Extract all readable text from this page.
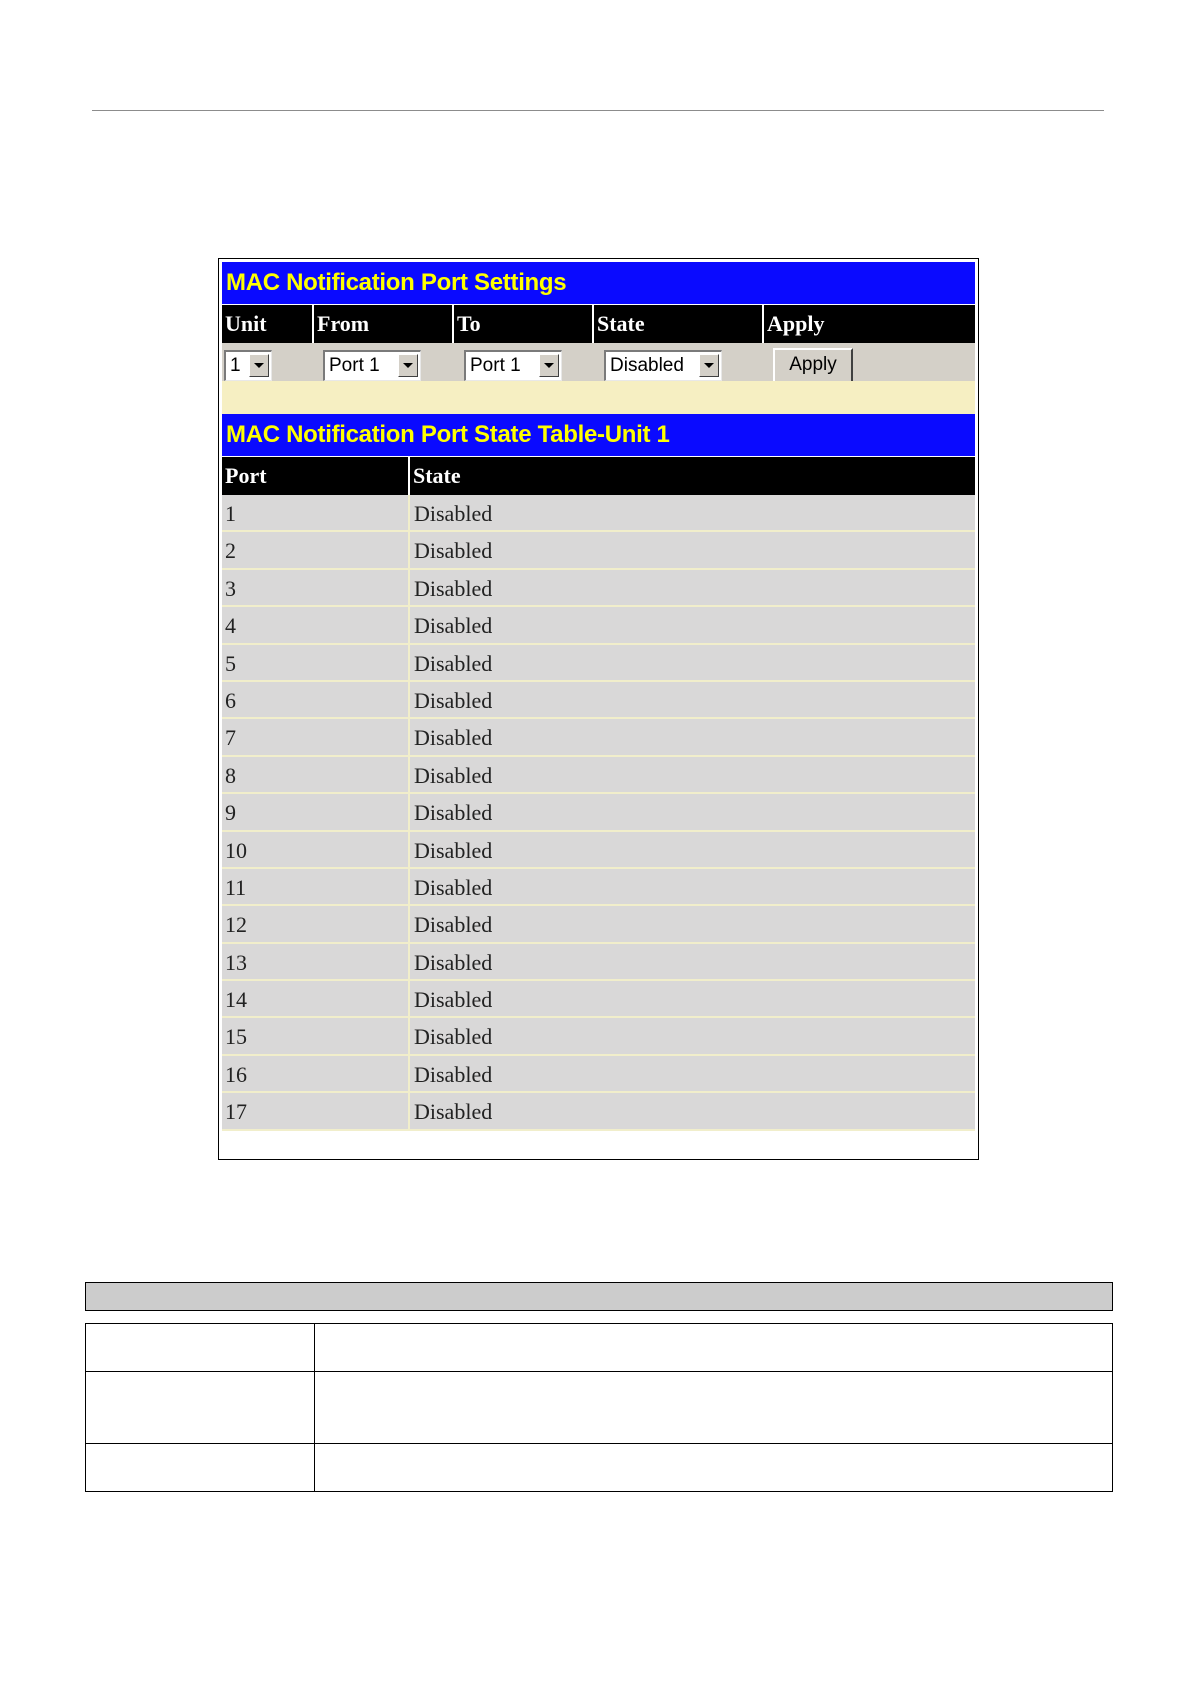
MAC Notification Port Settings
Unit	From	To	State	Apply
1	Port 1	Port 1	Disabled	Apply
MAC Notification Port State Table-Unit 1
Port	State
1	Disabled
2	Disabled
3	Disabled
4	Disabled
5	Disabled
6	Disabled
7	Disabled
8	Disabled
9	Disabled
10	Disabled
11	Disabled
12	Disabled
13	Disabled
14	Disabled
15	Disabled
16	Disabled
17	Disabled
